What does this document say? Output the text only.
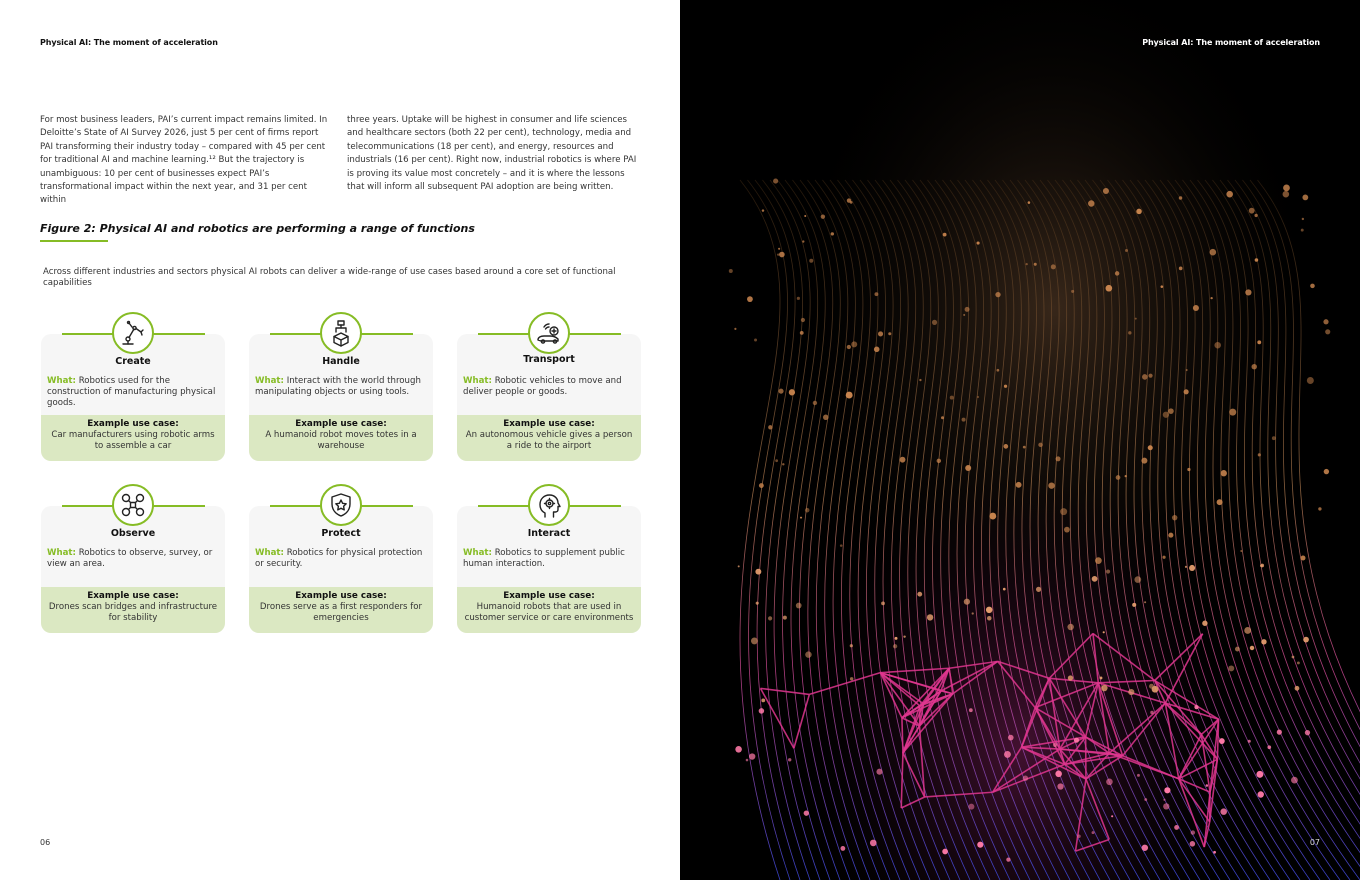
Physical AI: The moment of acceleration

For most business leaders, PAI’s current impact remains limited. In Deloitte’s State of AI Survey 2026, just 5 per cent of firms report PAI transforming their industry today – compared with 45 per cent for traditional AI and machine learning.¹² But the trajectory is unambiguous: 10 per cent of businesses expect PAI’s transformational impact within the next year, and 31 per cent within

three years. Uptake will be highest in consumer and life sciences and healthcare sectors (both 22 per cent), technology, media and telecommunications (18 per cent), and energy, resources and industrials (16 per cent). Right now, industrial robotics is where PAI is proving its value most concretely – and it is where the lessons that will inform all subsequent PAI adoption are being written.

Figure 2: Physical AI and robotics are performing a range of functions
Across different industries and sectors physical AI robots can deliver a wide-range of use cases based around a core set of functional capabilities
Example use case:
Car manufacturers using robotic arms to assemble a car
Create
What: Robotics used for the construction of manufacturing physical goods.
Example use case:
A humanoid robot moves totes in a warehouse
Handle
What: Interact with the world through manipulating objects or using tools.
Example use case:
An autonomous vehicle gives a person a ride to the airport
Transport
What: Robotic vehicles to move and deliver people or goods.
Example use case:
Drones scan bridges and infrastructure for stability
Observe
What: Robotics to observe, survey, or view an area.
Example use case:
Drones serve as a first responders for emergencies
Protect
What: Robotics for physical protection or security.
Example use case:
Humanoid robots that are used in customer service or care environments
Interact
What: Robotics to supplement public human interaction.
06
Physical AI: The moment of acceleration
07
